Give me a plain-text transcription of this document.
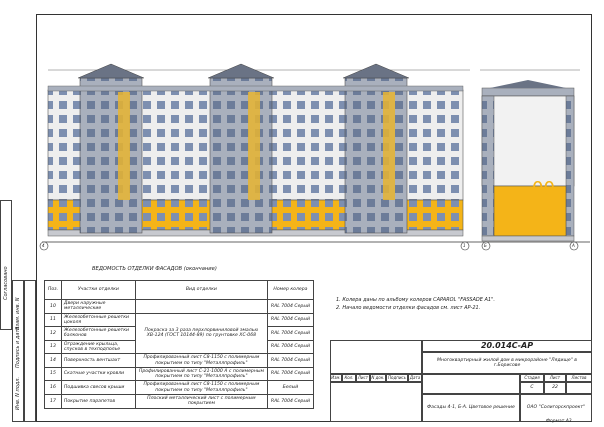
Согласовано
Инв. N подл.
Подпись и дата
Взам. инв. N
4	1	Б	А
00
ВЕДОМОСТЬ ОТДЕЛКИ ФАСАДОВ (окончание)
Поз.	Участки отделки	Вид отделки	Номер колера
10	Двери наружные металлические		RAL 7004 Серый
11	Железобетонные решетки цоколя	Покраска за 3 раза перхлорвиниловой эмалью ХВ-124 (ГОСТ 10144-89) по грунтовке ХС-068	RAL 7004 Серый
12	Железобетонные решетки балконов		RAL 7004 Серый
13	Ограждение крыльца, спусков в техподполье		RAL 7004 Серый
14	Поверхность вентшахт	Профилированный лист С8-1150 с полимерным покрытием по типу "Металлпрофиль"	RAL 7004 Серый
15	Скатные участки кровли	Профилированный лист С-21-1000 А с полимерным покрытием по типу "Металлпрофиль"	RAL 7004 Серый
16	Подшивка свесов крыши	Профилированный лист С8-1150 с полимерным покрытием по типу "Металлпрофиль"	Белый
17	Покрытие парапетов	Плоский металлический лист с полимерным покрытием	RAL 7004 Серый
1. Колера даны по альбому колеров CAPAROL "FASSADE A1".
2. Начало ведомости отделки фасадов см. лист АР-21.
20.014С-АР
Многоквартирный жилой дом в микрорайоне "Лядище" в г.Борисове
Изм. Кол.	Лист N док. Подпись Дата	Стадия	Лист	Листов
С	22
Фасады 4-1, Б-А. Цветовое решение	ОАО "Солигорскпроект"
Формат А3
